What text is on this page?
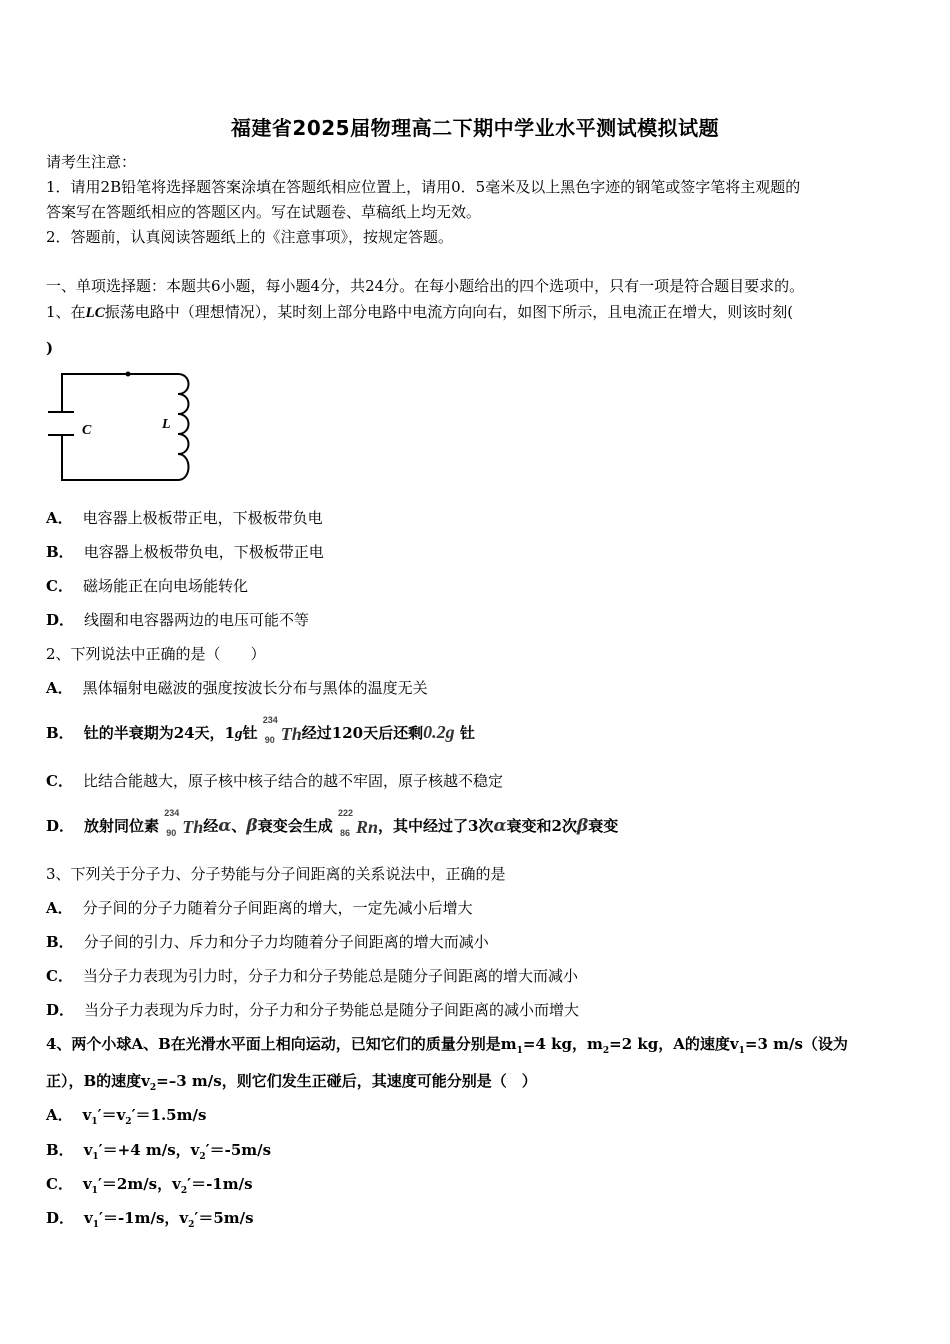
福建省2025届物理高二下期中学业水平测试模拟试题
请考生注意：
1．请用2B铅笔将选择题答案涂填在答题纸相应位置上，请用0．5毫米及以上黑色字迹的钢笔或签字笔将主观题的
答案写在答题纸相应的答题区内。写在试题卷、草稿纸上均无效。
2．答题前，认真阅读答题纸上的《注意事项》，按规定答题。
一、单项选择题：本题共6小题，每小题4分，共24分。在每小题给出的四个选项中，只有一项是符合题目要求的。
1、在LC振荡电路中（理想情况），某时刻上部分电路中电流方向向右，如图下所示，且电流正在增大，则该时刻(
)
C	L
A． 电容器上极板带正电，下极板带负电
B． 电容器上极板带负电，下极板带正电
C． 磁场能正在向电场能转化
D． 线圈和电容器两边的电压可能不等
2、下列说法中正确的是（　　）
A． 黑体辐射电磁波的强度按波长分布与黑体的温度无关
B． 钍的半衰期为24天，1g钍
234
90 Th经过120天后还剩0.2g 钍
C． 比结合能越大，原子核中核子结合的越不牢固，原子核越不稳定
D． 放射同位素
234
90 Th经α、β衰变会生成
222
86 Rn，其中经过了3次α衰变和2次β衰变
3、下列关于分子力、分子势能与分子间距离的关系说法中，正确的是
A． 分子间的分子力随着分子间距离的增大，一定先减小后增大
B． 分子间的引力、斥力和分子力均随着分子间距离的增大而减小
C． 当分子力表现为引力时，分子力和分子势能总是随分子间距离的增大而减小
D． 当分子力表现为斥力时，分子力和分子势能总是随分子间距离的减小而增大
4、两个小球A、B在光滑水平面上相向运动，已知它们的质量分别是$m_1=4$ kg，$m_2=2$ kg，A的速度$v_1=3$ m/s（设为
正），B的速度$v_2=-3$ m/s，则它们发生正碰后，其速度可能分别是（　）
A． $v_1'=v_2'=1.5m/s$
B． $v_1'=+4$ m/s，$v_2'=-5m/s$
C． $v_1'=2m/s$，$v_2'=-1m/s$
D． $v_1'=-1m/s$，$v_2'=5m/s$
